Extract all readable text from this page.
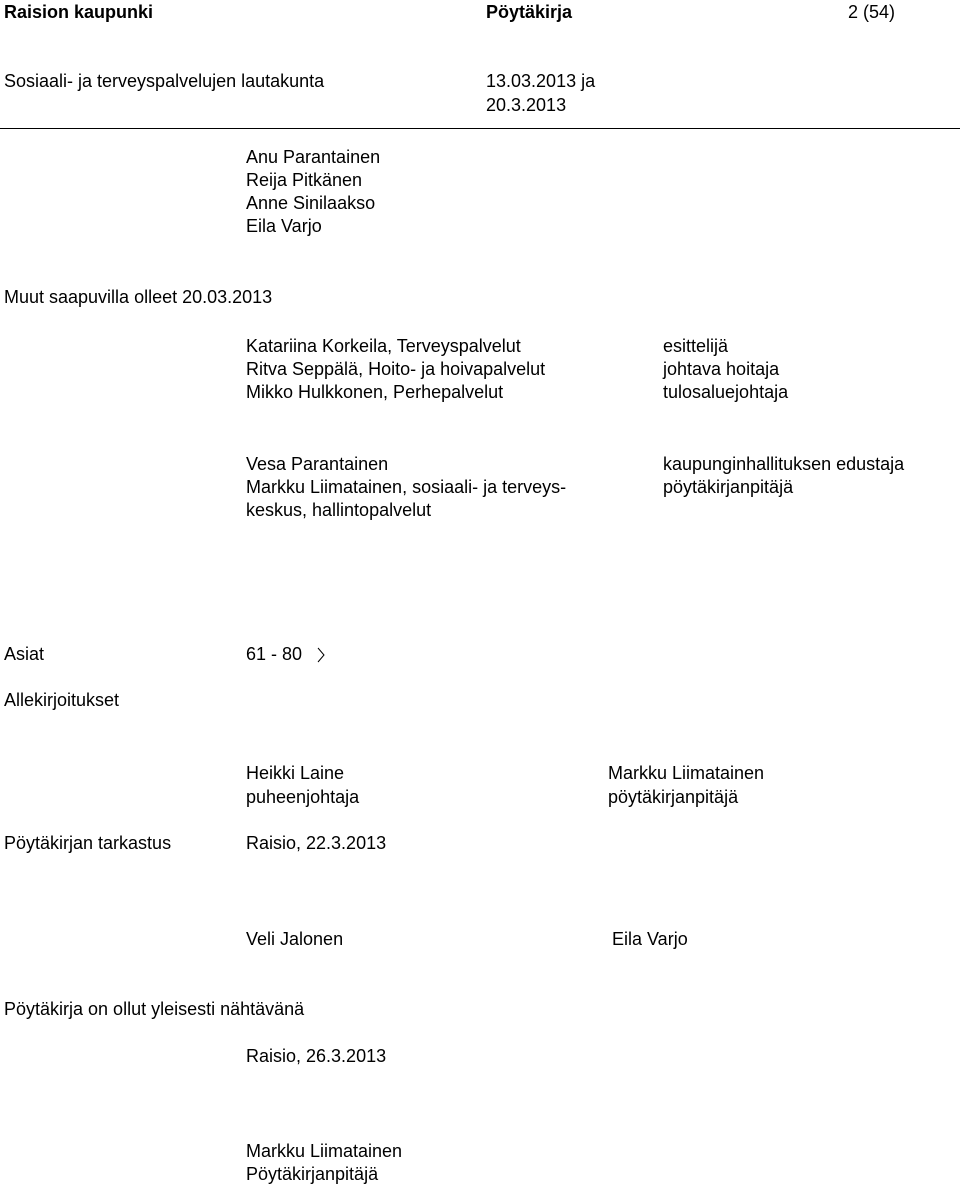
Raision kaupunki	Pöytäkirja	2 (54)
Sosiaali- ja terveyspalvelujen lautakunta	13.03.2013 ja
20.3.2013
Anu Parantainen
Reija Pitkänen
Anne Sinilaakso
Eila Varjo
Muut saapuvilla olleet 20.03.2013
Katariina Korkeila, Terveyspalvelut	esittelijä
Ritva Seppälä, Hoito- ja hoivapalvelut	johtava hoitaja
Mikko Hulkkonen, Perhepalvelut	tulosaluejohtaja
Vesa Parantainen	kaupunginhallituksen edustaja
Markku Liimatainen, sosiaali- ja terveys-	pöytäkirjanpitäjä
keskus, hallintopalvelut
Asiat	61 - 80
Allekirjoitukset
Heikki Laine
puheenjohtaja
Markku Liimatainen
pöytäkirjanpitäjä
Pöytäkirjan tarkastus	Raisio, 22.3.2013
Veli Jalonen	Eila Varjo
Pöytäkirja on ollut yleisesti nähtävänä
Raisio, 26.3.2013
Markku Liimatainen
Pöytäkirjanpitäjä
